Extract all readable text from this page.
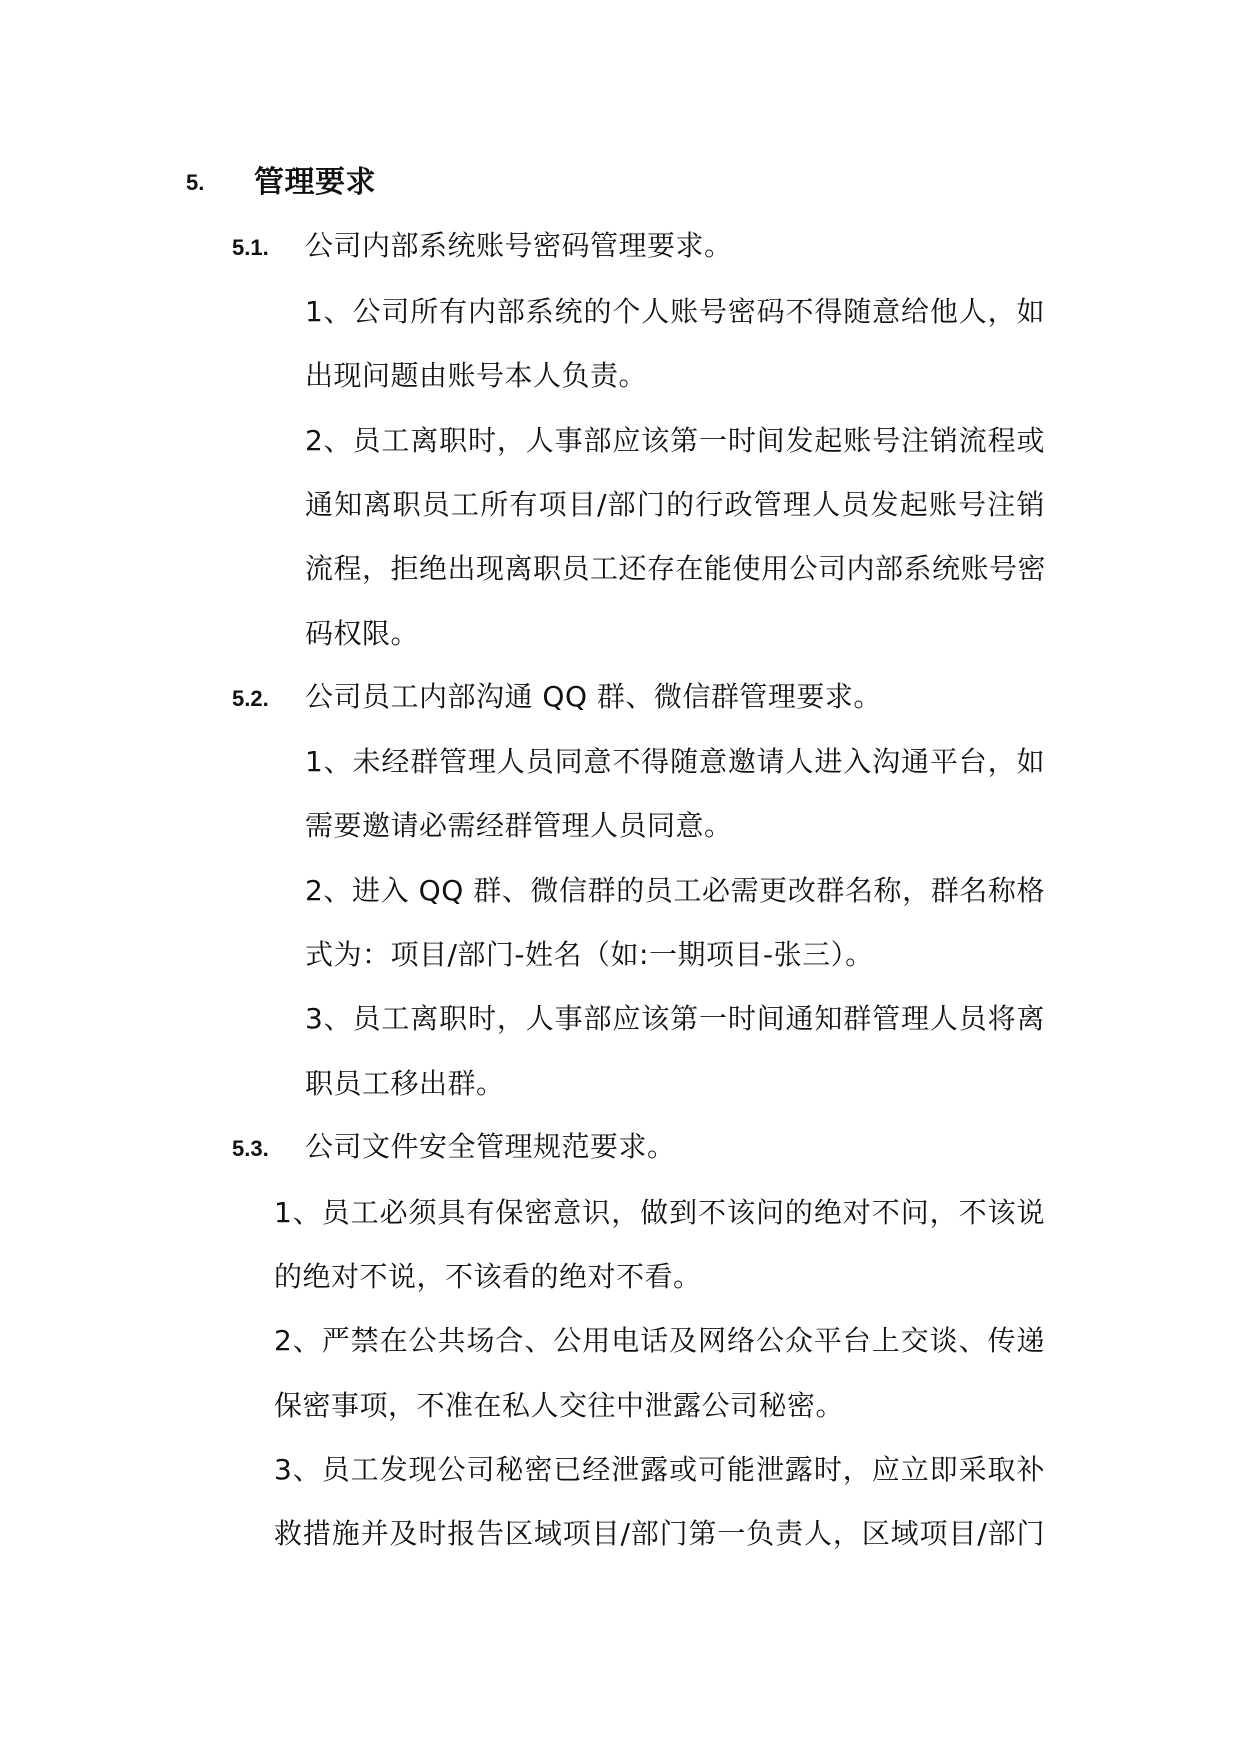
5. 管理要求
5.1. 公司内部系统账号密码管理要求。
1、公司所有内部系统的个人账号密码不得随意给他人，如
出现问题由账号本人负责。
2、员工离职时，人事部应该第一时间发起账号注销流程或
通知离职员工所有项目/部门的行政管理人员发起账号注销
流程，拒绝出现离职员工还存在能使用公司内部系统账号密
码权限。
5.2. 公司员工内部沟通 QQ 群、微信群管理要求。
1、未经群管理人员同意不得随意邀请人进入沟通平台，如
需要邀请必需经群管理人员同意。
2、进入 QQ 群、微信群的员工必需更改群名称，群名称格
式为：项目/部门-姓名（如:一期项目-张三）。
3、员工离职时，人事部应该第一时间通知群管理人员将离
职员工移出群。
5.3. 公司文件安全管理规范要求。
1、员工必须具有保密意识，做到不该问的绝对不问，不该说
的绝对不说，不该看的绝对不看。
2、严禁在公共场合、公用电话及网络公众平台上交谈、传递
保密事项，不准在私人交往中泄露公司秘密。
3、员工发现公司秘密已经泄露或可能泄露时，应立即采取补
救措施并及时报告区域项目/部门第一负责人，区域项目/部门
